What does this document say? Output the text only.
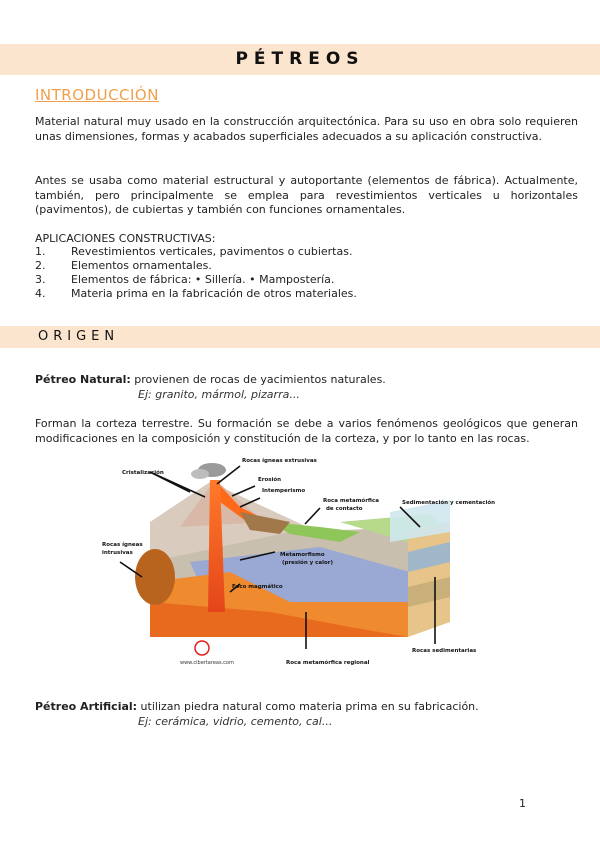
PÉTREOS
INTRODUCCIÓN
Material natural muy usado en la construcción arquitectónica. Para su uso en obra solo requieren unas dimensiones, formas y acabados superficiales adecuados a su aplicación constructiva.
Antes se usaba como material estructural y autoportante (elementos de fábrica). Actualmente, también, pero principalmente se emplea para revestimientos verticales u horizontales (pavimentos), de cubiertas y también con funciones ornamentales.
APLICACIONES CONSTRUCTIVAS:
1. Revestimientos verticales, pavimentos o cubiertas.
2. Elementos ornamentales.
3. Elementos de fábrica: • Sillería. • Mampostería.
4. Materia prima en la fabricación de otros materiales.
ORIGEN
Pétreo Natural: provienen de rocas de yacimientos naturales.
Ej: granito, mármol, pizarra...
Forman la corteza terrestre. Su formación se debe a varios fenómenos geológicos que generan modificaciones en la composición y constitución de la corteza, y por lo tanto en las rocas.
Cristalización
Rocas ígneas extrusivas
Erosión
Intemperismo
Roca metamórfica
de contacto
Sedimentación y cementación
Rocas ígneas
intrusivas	Metamorfismo
(presión y calor)
Foco magmático
Rocas sedimentarias
Roca metamórfica regional
www.cibertareas.com
Pétreo Artificial: utilizan piedra natural como materia prima en su fabricación.
Ej: cerámica, vidrio, cemento, cal...
1
